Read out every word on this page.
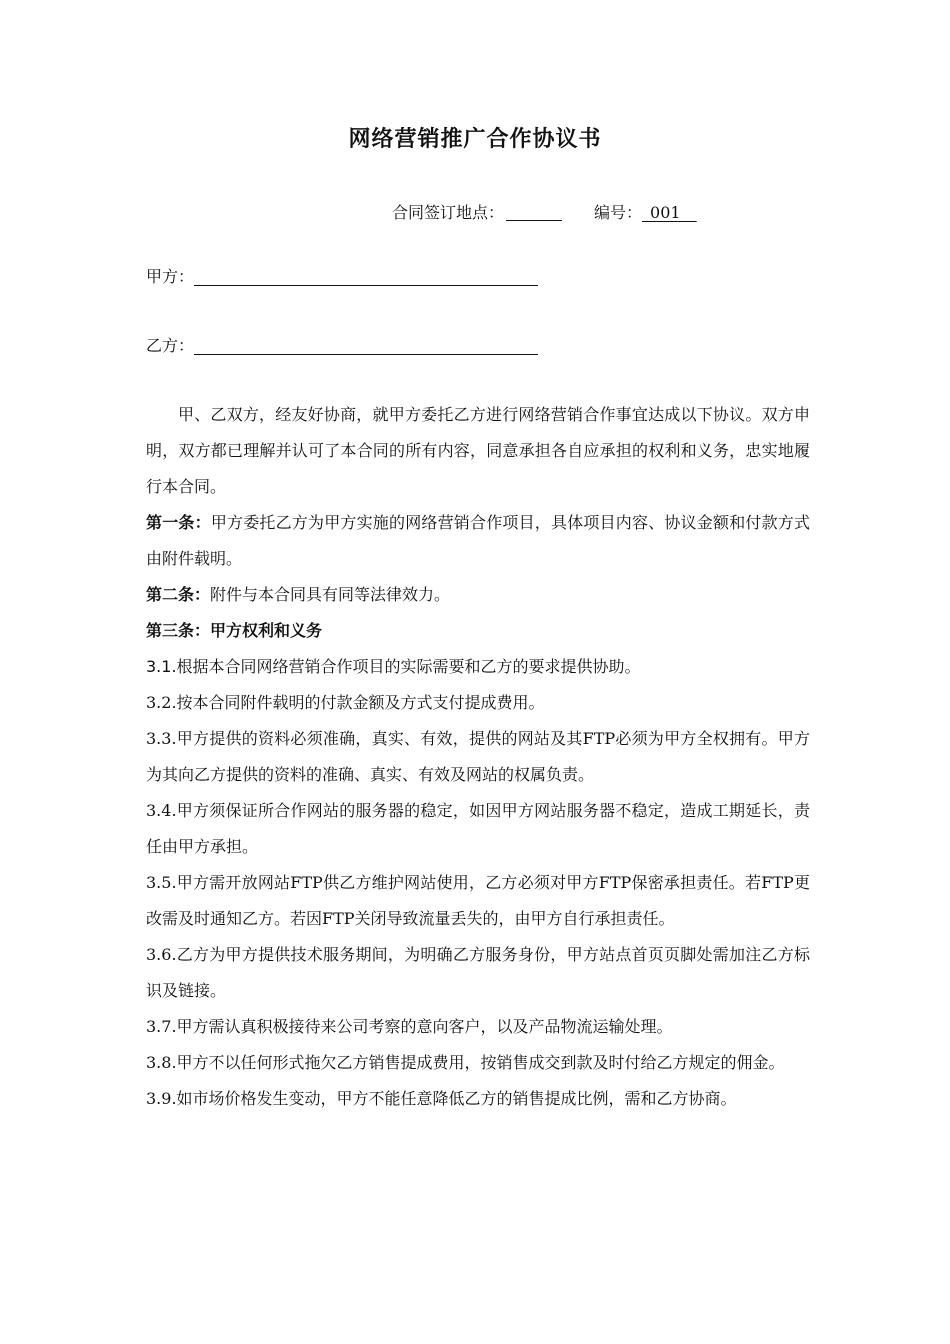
网络营销推广合作协议书
合同签订地点：	编号：_001__
甲方：
乙方：

甲、乙双方，经友好协商，就甲方委托乙方进行网络营销合作事宜达成以下协议。双方申明，双方都已理解并认可了本合同的所有内容，同意承担各自应承担的权利和义务，忠实地履行本合同。

第一条：甲方委托乙方为甲方实施的网络营销合作项目，具体项目内容、协议金额和付款方式由附件载明。

第二条：附件与本合同具有同等法律效力。

第三条：甲方权利和义务

3.1.根据本合同网络营销合作项目的实际需要和乙方的要求提供协助。

3.2.按本合同附件载明的付款金额及方式支付提成费用。

3.3.甲方提供的资料必须准确，真实、有效，提供的网站及其FTP必须为甲方全权拥有。甲方为其向乙方提供的资料的准确、真实、有效及网站的权属负责。

3.4.甲方须保证所合作网站的服务器的稳定，如因甲方网站服务器不稳定，造成工期延长，责任由甲方承担。

3.5.甲方需开放网站FTP供乙方维护网站使用，乙方必须对甲方FTP保密承担责任。若FTP更改需及时通知乙方。若因FTP关闭导致流量丢失的，由甲方自行承担责任。

3.6.乙方为甲方提供技术服务期间，为明确乙方服务身份，甲方站点首页页脚处需加注乙方标识及链接。

3.7.甲方需认真积极接待来公司考察的意向客户，以及产品物流运输处理。

3.8.甲方不以任何形式拖欠乙方销售提成费用，按销售成交到款及时付给乙方规定的佣金。

3.9.如市场价格发生变动，甲方不能任意降低乙方的销售提成比例，需和乙方协商。
